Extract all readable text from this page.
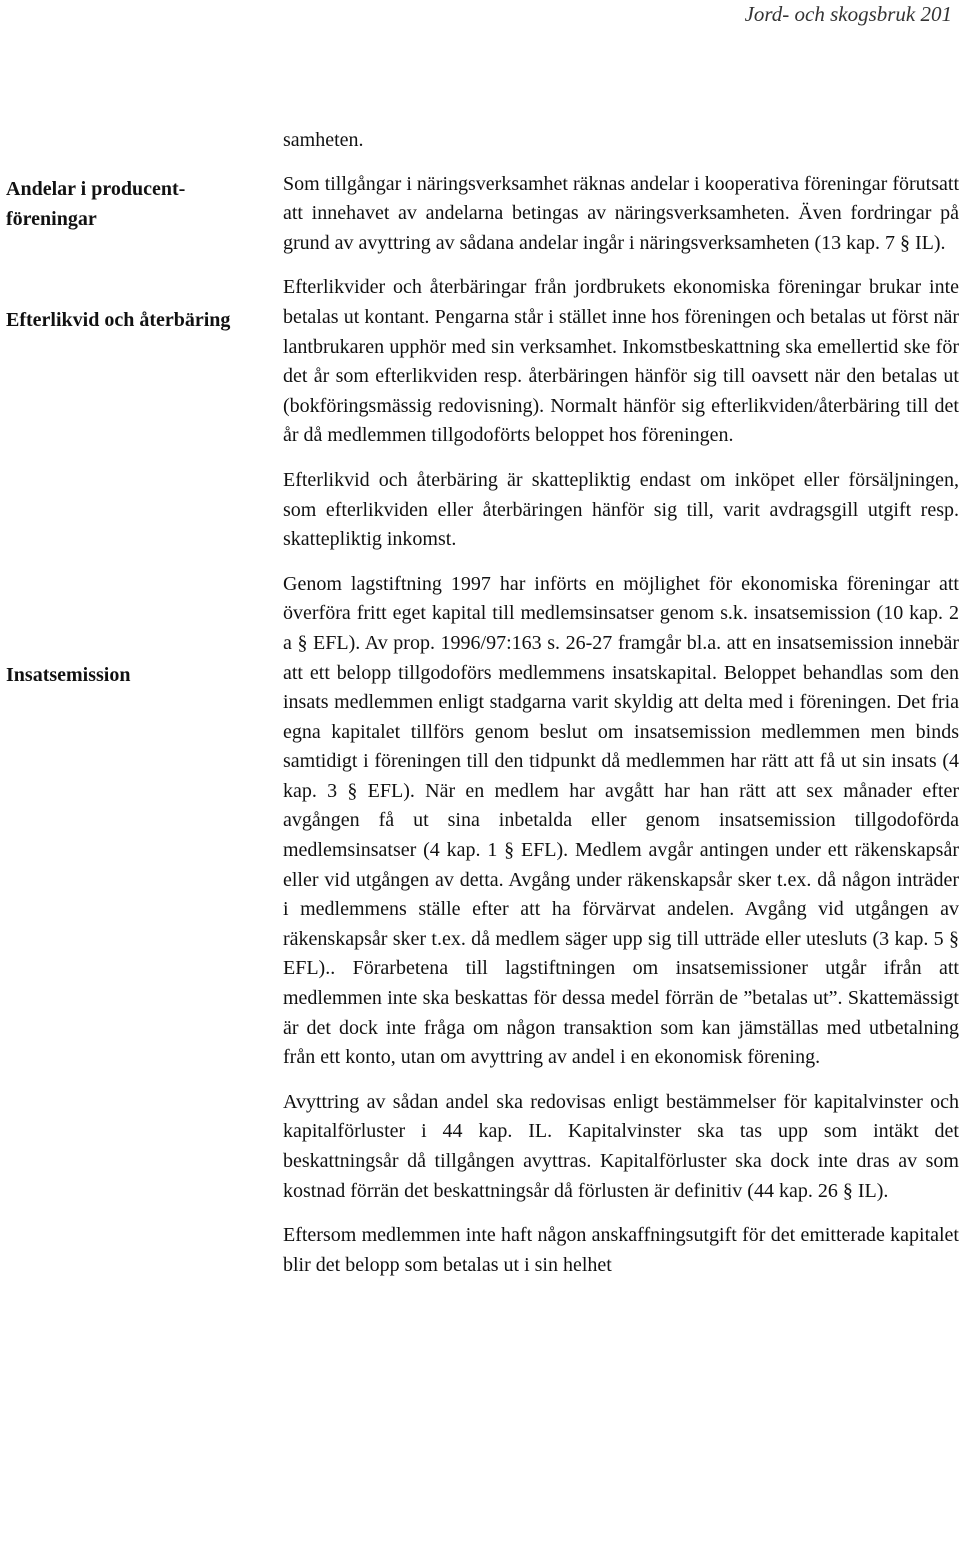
Jord- och skogsbruk 201
Andelar i producent- föreningar
Efterlikvid och återbäring
Insatsemission

samheten.

Som tillgångar i näringsverksamhet räknas andelar i kooperativa föreningar förutsatt att innehavet av andelarna betingas av näringsverksamheten. Även fordringar på grund av avyttring av sådana andelar ingår i näringsverksamheten (13 kap. 7 § IL).

Efterlikvider och återbäringar från jordbrukets ekonomiska föreningar brukar inte betalas ut kontant. Pengarna står i stället inne hos föreningen och betalas ut först när lantbrukaren upphör med sin verksamhet. Inkomstbeskattning ska emellertid ske för det år som efterlikviden resp. återbäringen hänför sig till oavsett när den betalas ut (bokföringsmässig redovisning). Normalt hänför sig efterlikviden/återbäring till det år då medlemmen tillgodoförts beloppet hos föreningen.

Efterlikvid och återbäring är skattepliktig endast om inköpet eller försäljningen, som efterlikviden eller återbäringen hänför sig till, varit avdragsgill utgift resp. skattepliktig inkomst.

Genom lagstiftning 1997 har införts en möjlighet för ekonomiska föreningar att överföra fritt eget kapital till medlemsinsatser genom s.k. insatsemission (10 kap. 2 a § EFL). Av prop. 1996/97:163 s. 26-27 framgår bl.a. att en insatsemission innebär att ett belopp tillgodoförs medlemmens insatskapital. Beloppet behandlas som den insats medlemmen enligt stadgarna varit skyldig att delta med i föreningen. Det fria egna kapitalet tillförs genom beslut om insatsemission medlemmen men binds samtidigt i föreningen till den tidpunkt då medlemmen har rätt att få ut sin insats (4 kap. 3 § EFL). När en medlem har avgått har han rätt att sex månader efter avgången få ut sina inbetalda eller genom insatsemission tillgodoförda medlemsinsatser (4 kap. 1 § EFL). Medlem avgår antingen under ett räkenskapsår eller vid utgången av detta. Avgång under räkenskapsår sker t.ex. då någon inträder i medlemmens ställe efter att ha förvärvat andelen. Avgång vid utgången av räkenskapsår sker t.ex. då medlem säger upp sig till utträde eller utesluts (3 kap. 5 § EFL).. Förarbetena till lagstiftningen om insatsemissioner utgår ifrån att medlemmen inte ska beskattas för dessa medel förrän de ”betalas ut”. Skattemässigt är det dock inte fråga om någon transaktion som kan jämställas med utbetalning från ett konto, utan om avyttring av andel i en ekonomisk förening.

Avyttring av sådan andel ska redovisas enligt bestämmelser för kapitalvinster och kapitalförluster i 44 kap. IL. Kapitalvinster ska tas upp som intäkt det beskattningsår då tillgången avyttras. Kapitalförluster ska dock inte dras av som kostnad förrän det beskattningsår då förlusten är definitiv (44 kap. 26 § IL).

Eftersom medlemmen inte haft någon anskaffningsutgift för det emitterade kapitalet blir det belopp som betalas ut i sin helhet
